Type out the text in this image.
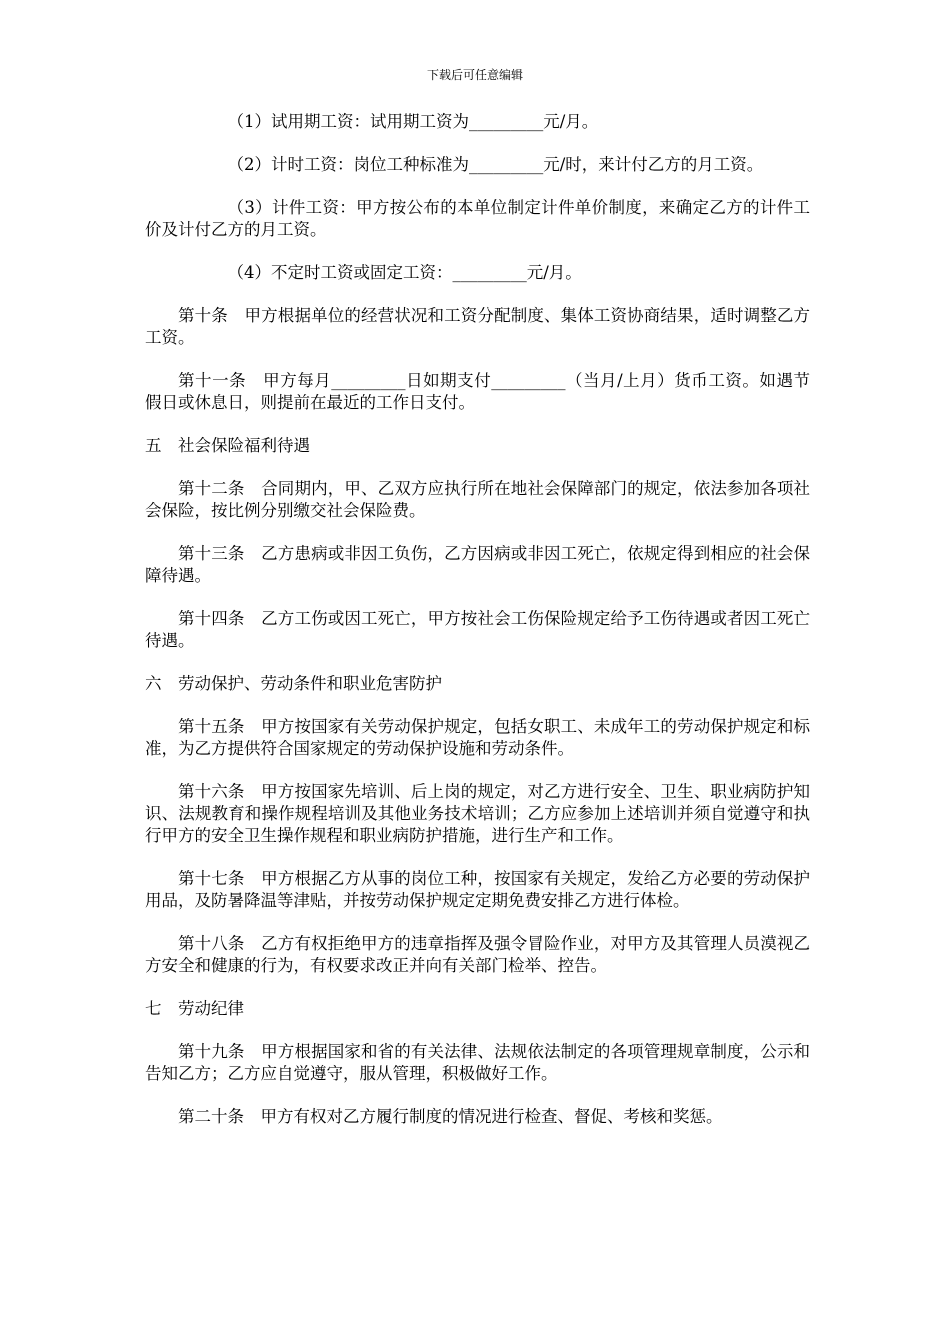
下载后可任意编辑

（1）试用期工资：试用期工资为_________元/月。

（2）计时工资：岗位工种标准为_________元/时，来计付乙方的月工资。

（3）计件工资：甲方按公布的本单位制定计件单价制度，来确定乙方的计件工价及计付乙方的月工资。

（4）不定时工资或固定工资：_________元/月。

第十条　甲方根据单位的经营状况和工资分配制度、集体工资协商结果，适时调整乙方工资。

第十一条　甲方每月_________日如期支付_________（当月/上月）货币工资。如遇节假日或休息日，则提前在最近的工作日支付。

五　社会保险福利待遇

第十二条　合同期内，甲、乙双方应执行所在地社会保障部门的规定，依法参加各项社会保险，按比例分别缴交社会保险费。

第十三条　乙方患病或非因工负伤，乙方因病或非因工死亡，依规定得到相应的社会保障待遇。

第十四条　乙方工伤或因工死亡，甲方按社会工伤保险规定给予工伤待遇或者因工死亡待遇。

六　劳动保护、劳动条件和职业危害防护

第十五条　甲方按国家有关劳动保护规定，包括女职工、未成年工的劳动保护规定和标准，为乙方提供符合国家规定的劳动保护设施和劳动条件。

第十六条　甲方按国家先培训、后上岗的规定，对乙方进行安全、卫生、职业病防护知识、法规教育和操作规程培训及其他业务技术培训；乙方应参加上述培训并须自觉遵守和执行甲方的安全卫生操作规程和职业病防护措施，进行生产和工作。

第十七条　甲方根据乙方从事的岗位工种，按国家有关规定，发给乙方必要的劳动保护用品，及防暑降温等津贴，并按劳动保护规定定期免费安排乙方进行体检。

第十八条　乙方有权拒绝甲方的违章指挥及强令冒险作业，对甲方及其管理人员漠视乙方安全和健康的行为，有权要求改正并向有关部门检举、控告。

七　劳动纪律

第十九条　甲方根据国家和省的有关法律、法规依法制定的各项管理规章制度，公示和告知乙方；乙方应自觉遵守，服从管理，积极做好工作。

第二十条　甲方有权对乙方履行制度的情况进行检查、督促、考核和奖惩。
